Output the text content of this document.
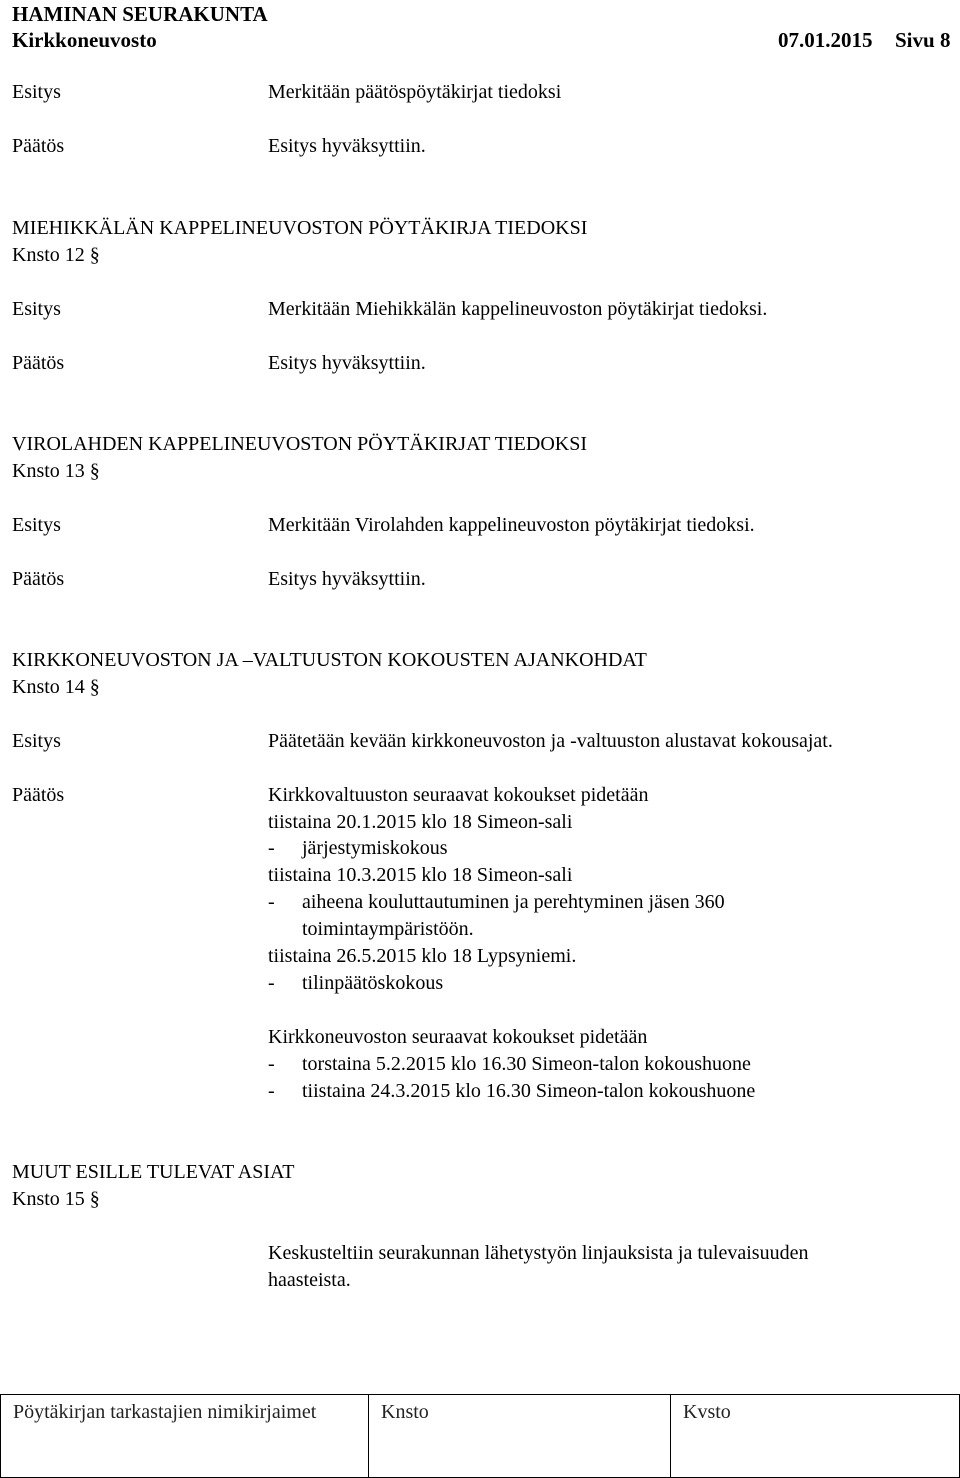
HAMINAN SEURAKUNTA
Kirkkoneuvosto	07.01.2015 Sivu 8
Esitys	Merkitään päätöspöytäkirjat tiedoksi
Päätös	Esitys hyväksyttiin.
MIEHIKKÄLÄN KAPPELINEUVOSTON PÖYTÄKIRJA TIEDOKSI
Knsto 12 §
Esitys	Merkitään Miehikkälän kappelineuvoston pöytäkirjat tiedoksi.
Päätös	Esitys hyväksyttiin.
VIROLAHDEN KAPPELINEUVOSTON PÖYTÄKIRJAT TIEDOKSI
Knsto 13 §
Esitys	Merkitään Virolahden kappelineuvoston pöytäkirjat tiedoksi.
Päätös	Esitys hyväksyttiin.
KIRKKONEUVOSTON JA –VALTUUSTON KOKOUSTEN AJANKOHDAT
Knsto 14 §
Esitys	Päätetään kevään kirkkoneuvoston ja -valtuuston alustavat kokousajat.
Päätös	Kirkkovaltuuston seuraavat kokoukset pidetään
tiistaina 20.1.2015 klo 18 Simeon-sali
- järjestymiskokous
tiistaina 10.3.2015 klo 18 Simeon-sali
- aiheena kouluttautuminen ja perehtyminen jäsen 360
toimintaympäristöön.
tiistaina 26.5.2015 klo 18 Lypsyniemi.
- tilinpäätöskokous
Kirkkoneuvoston seuraavat kokoukset pidetään
- torstaina 5.2.2015 klo 16.30 Simeon-talon kokoushuone
- tiistaina 24.3.2015 klo 16.30 Simeon-talon kokoushuone
MUUT ESILLE TULEVAT ASIAT
Knsto 15 §
Keskusteltiin seurakunnan lähetystyön linjauksista ja tulevaisuuden
haasteista.
Pöytäkirjan tarkastajien nimikirjaimet	Knsto	Kvsto
